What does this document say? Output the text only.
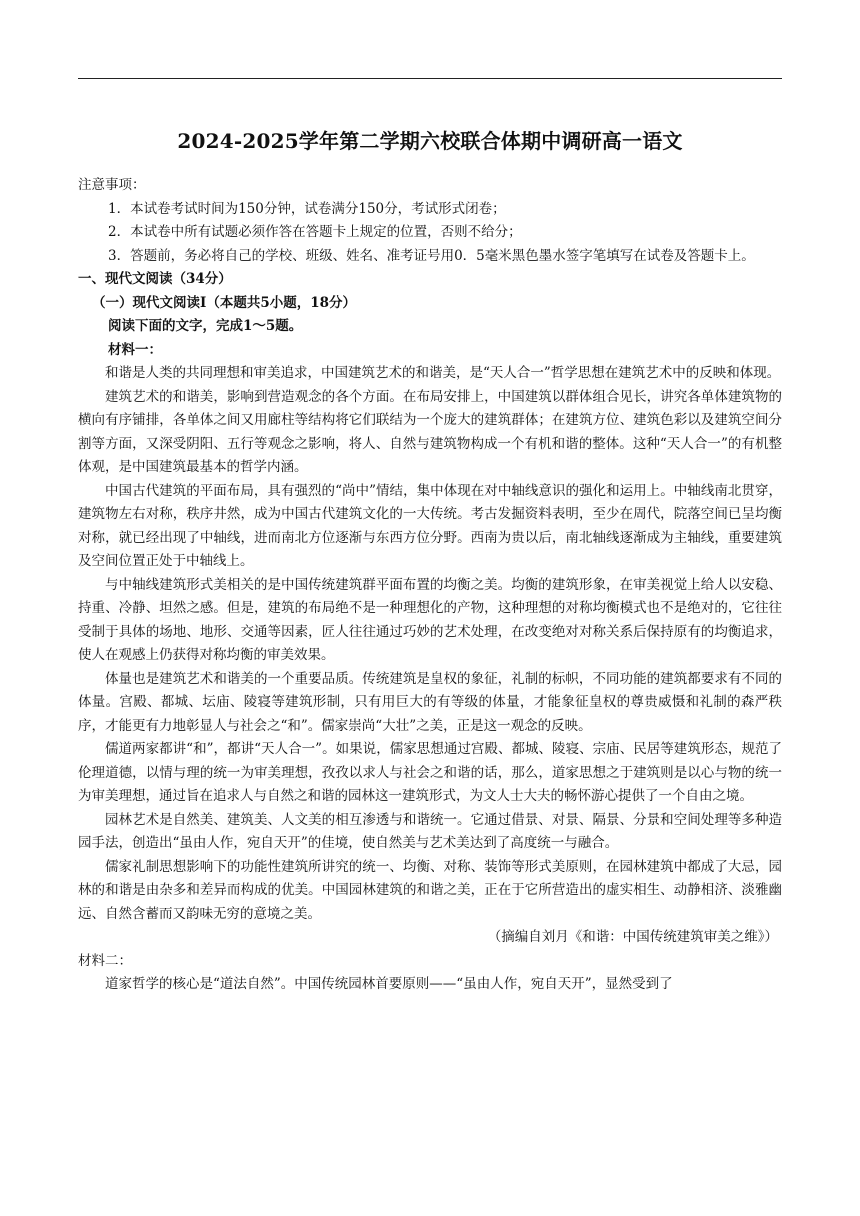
2024-2025学年第二学期六校联合体期中调研高一语文

注意事项：

1．本试卷考试时间为150分钟，试卷满分150分，考试形式闭卷；

2．本试卷中所有试题必须作答在答题卡上规定的位置，否则不给分；

3．答题前，务必将自己的学校、班级、姓名、准考证号用0．5毫米黑色墨水签字笔填写在试卷及答题卡上。

一、现代文阅读（34分）

（一）现代文阅读Ⅰ（本题共5小题，18分）

阅读下面的文字，完成1～5题。

材料一：

和谐是人类的共同理想和审美追求，中国建筑艺术的和谐美，是“天人合一”哲学思想在建筑艺术中的反映和体现。

建筑艺术的和谐美，影响到营造观念的各个方面。在布局安排上，中国建筑以群体组合见长，讲究各单体建筑物的横向有序铺排，各单体之间又用廊柱等结构将它们联结为一个庞大的建筑群体；在建筑方位、建筑色彩以及建筑空间分割等方面，又深受阴阳、五行等观念之影响，将人、自然与建筑物构成一个有机和谐的整体。这种“天人合一”的有机整体观，是中国建筑最基本的哲学内涵。

中国古代建筑的平面布局，具有强烈的“尚中”情结，集中体现在对中轴线意识的强化和运用上。中轴线南北贯穿，建筑物左右对称，秩序井然，成为中国古代建筑文化的一大传统。考古发掘资料表明，至少在周代，院落空间已呈均衡对称，就已经出现了中轴线，进而南北方位逐渐与东西方位分野。西南为贵以后，南北轴线逐渐成为主轴线，重要建筑及空间位置正处于中轴线上。

与中轴线建筑形式美相关的是中国传统建筑群平面布置的均衡之美。均衡的建筑形象，在审美视觉上给人以安稳、持重、冷静、坦然之感。但是，建筑的布局绝不是一种理想化的产物，这种理想的对称均衡模式也不是绝对的，它往往受制于具体的场地、地形、交通等因素，匠人往往通过巧妙的艺术处理，在改变绝对对称关系后保持原有的均衡追求，使人在观感上仍获得对称均衡的审美效果。

体量也是建筑艺术和谐美的一个重要品质。传统建筑是皇权的象征，礼制的标帜，不同功能的建筑都要求有不同的体量。宫殿、都城、坛庙、陵寝等建筑形制，只有用巨大的有等级的体量，才能象征皇权的尊贵威慑和礼制的森严秩序，才能更有力地彰显人与社会之“和”。儒家崇尚“大壮”之美，正是这一观念的反映。

儒道两家都讲“和”，都讲“天人合一”。如果说，儒家思想通过宫殿、都城、陵寝、宗庙、民居等建筑形态，规范了伦理道德，以情与理的统一为审美理想，孜孜以求人与社会之和谐的话，那么，道家思想之于建筑则是以心与物的统一为审美理想，通过旨在追求人与自然之和谐的园林这一建筑形式，为文人士大夫的畅怀游心提供了一个自由之境。

园林艺术是自然美、建筑美、人文美的相互渗透与和谐统一。它通过借景、对景、隔景、分景和空间处理等多种造园手法，创造出“虽由人作，宛自天开”的佳境，使自然美与艺术美达到了高度统一与融合。

儒家礼制思想影响下的功能性建筑所讲究的统一、均衡、对称、装饰等形式美原则，在园林建筑中都成了大忌，园林的和谐是由杂多和差异而构成的优美。中国园林建筑的和谐之美，正在于它所营造出的虚实相生、动静相济、淡雅幽远、自然含蓄而又韵味无穷的意境之美。

（摘编自刘月《和谐：中国传统建筑审美之维》）

材料二：

道家哲学的核心是“道法自然”。中国传统园林首要原则——“虽由人作，宛自天开”，显然受到了
